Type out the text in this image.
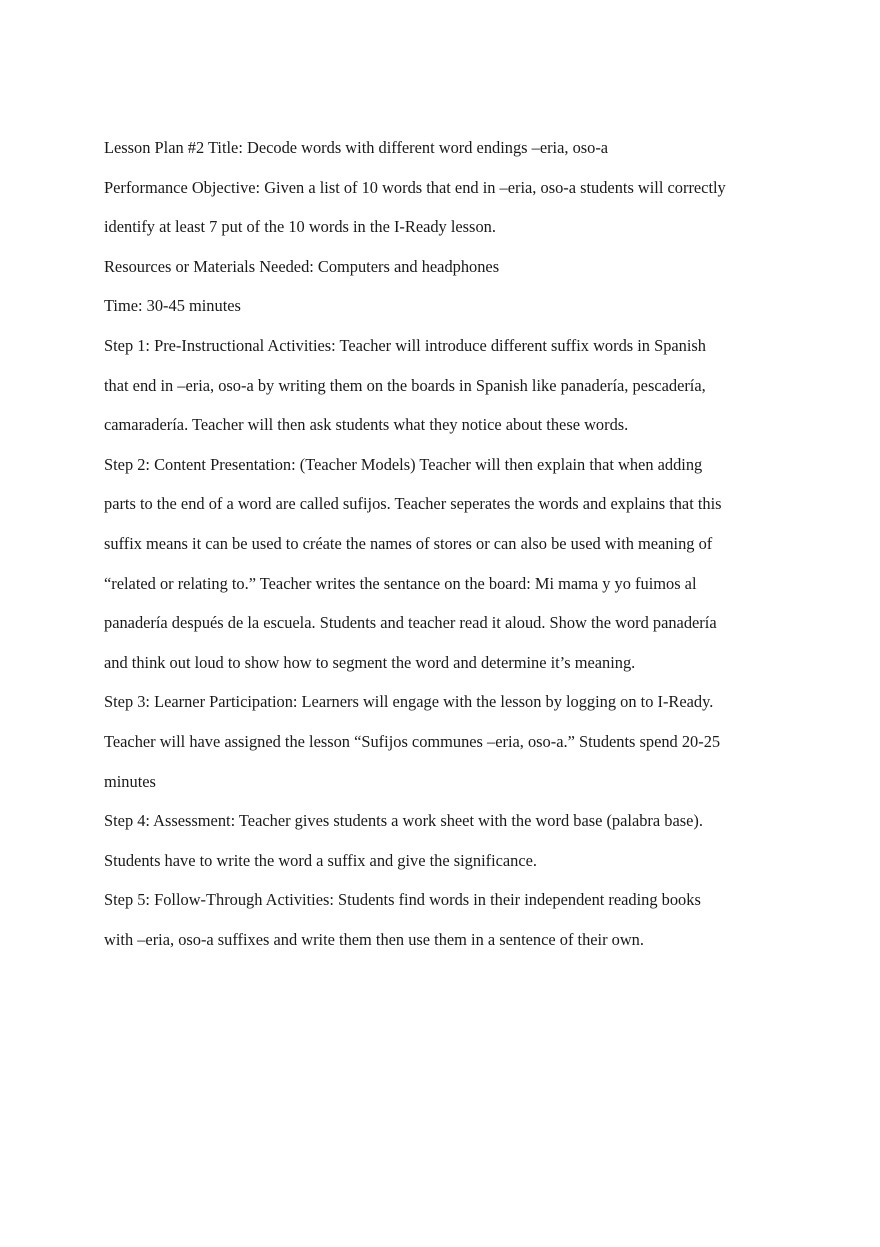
Lesson Plan #2 Title: Decode words with different word endings –eria, oso-a
Performance Objective: Given a list of 10 words that end in –eria, oso-a students will correctly
identify at least 7 put of the 10 words in the I-Ready lesson.
Resources or Materials Needed: Computers and headphones
Time: 30-45 minutes
Step 1: Pre-Instructional Activities: Teacher will introduce different suffix words in Spanish
that end in –eria, oso-a by writing them on the boards in Spanish like panadería, pescadería,
camaradería. Teacher will then ask students what they notice about these words.
Step 2: Content Presentation: (Teacher Models) Teacher will then explain that when adding
parts to the end of a word are called sufijos. Teacher seperates the words and explains that this
suffix means it can be used to créate the names of stores or can also be used with meaning of
“related or relating to.” Teacher writes the sentance on the board: Mi mama y yo fuimos al
panadería después de la escuela. Students and teacher read it aloud. Show the word panadería
and think out loud to show how to segment the word and determine it’s meaning.
Step 3: Learner Participation: Learners will engage with the lesson by logging on to I-Ready.
Teacher will have assigned the lesson “Sufijos communes –eria, oso-a.” Students spend 20-25
minutes
Step 4: Assessment: Teacher gives students a work sheet with the word base (palabra base).
Students have to write the word a suffix and give the significance.
Step 5: Follow-Through Activities: Students find words in their independent reading books
with –eria, oso-a suffixes and write them then use them in a sentence of their own.
